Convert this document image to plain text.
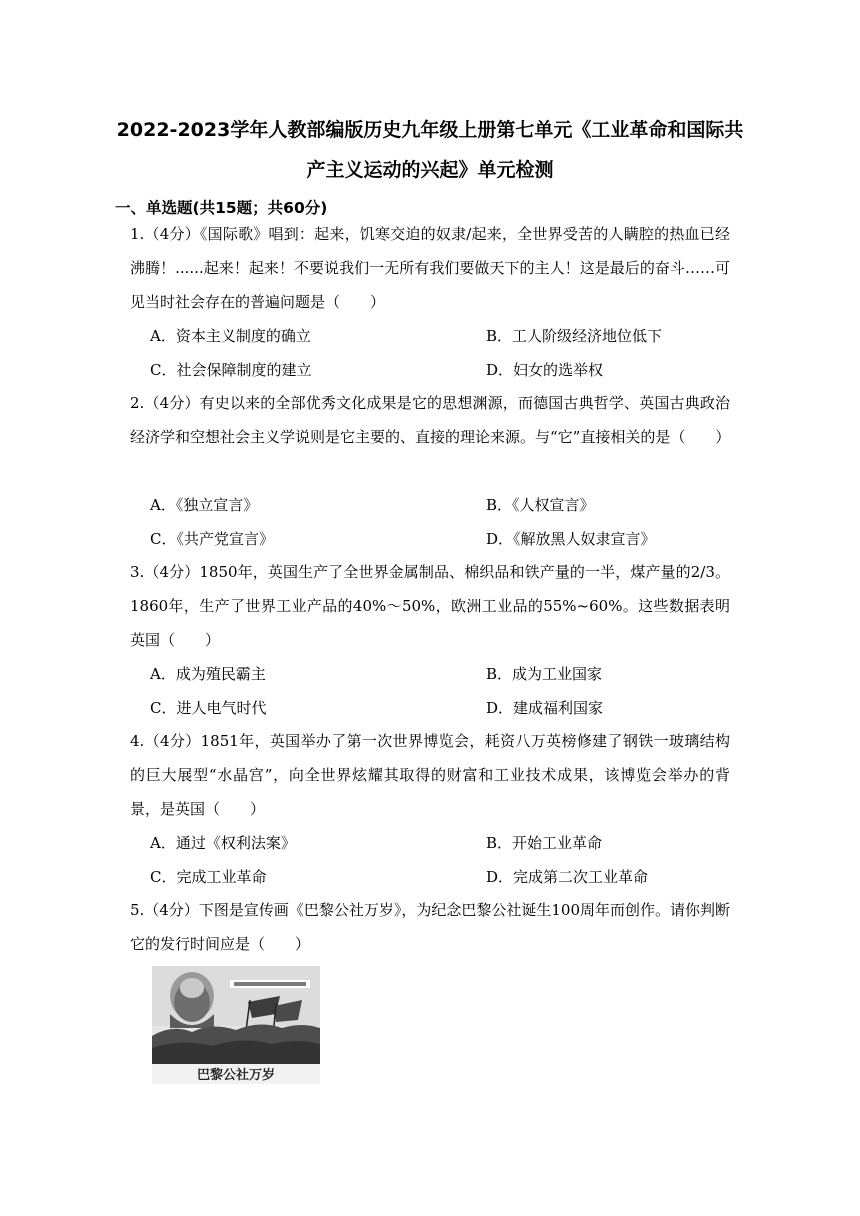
2022-2023学年人教部编版历史九年级上册第七单元《工业革命和国际共产主义运动的兴起》单元检测
一、单选题(共15题；共60分)
1.（4分）《国际歌》唱到：起来，饥寒交迫的奴隶/起来，全世界受苦的人瞒腔的热血已经沸腾！......起来！起来！不要说我们一无所有我们要做天下的主人！这是最后的奋斗……可见当时社会存在的普遍问题是（　　）
A．资本主义制度的确立	B．工人阶级经济地位低下
C．社会保障制度的建立	D．妇女的选举权
2.（4分）有史以来的全部优秀文化成果是它的思想渊源，而德国古典哲学、英国古典政治经济学和空想社会主义学说则是它主要的、直接的理论来源。与“它”直接相关的是（　　）
A．《独立宣言》	B．《人权宣言》
C．《共产党宣言》	D．《解放黑人奴隶宣言》
3.（4分）1850年，英国生产了全世界金属制品、棉织品和铁产量的一半，煤产量的2/3。1860年，生产了世界工业产品的40%～50%，欧洲工业品的55%~60%。这些数据表明英国（　　）
A．成为殖民霸主	B．成为工业国家
C．进人电气时代	D．建成福利国家
4.（4分）1851年，英国举办了第一次世界博览会，耗资八万英榜修建了钢铁一玻璃结构的巨大展型“水晶宫”，向全世界炫耀其取得的财富和工业技术成果，该博览会举办的背景，是英国（　　）
A．通过《权利法案》	B．开始工业革命
C．完成工业革命	D．完成第二次工业革命
5.（4分）下图是宣传画《巴黎公社万岁》，为纪念巴黎公社诞生100周年而创作。请你判断它的发行时间应是（　　）
巴黎公社万岁
